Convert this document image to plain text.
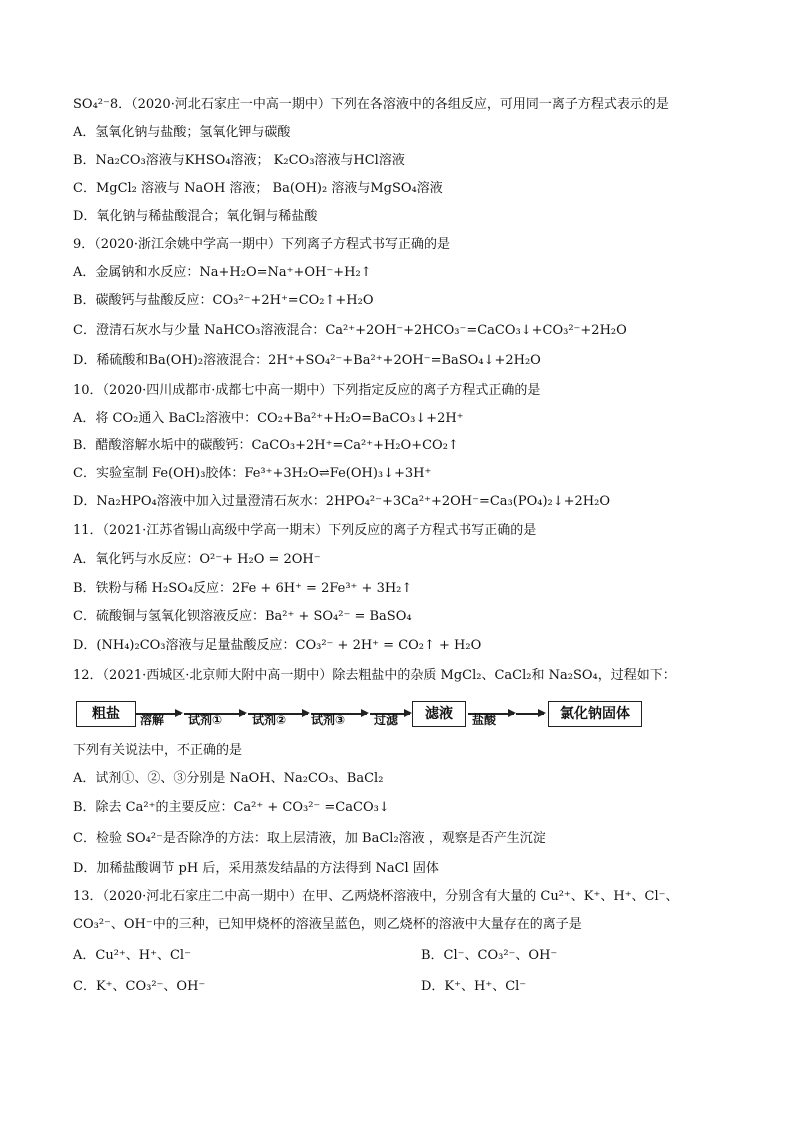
SO₄²⁻8．（2020·河北石家庄一中高一期中）下列在各溶液中的各组反应，可用同一离子方程式表示的是
A．氢氧化钠与盐酸；氢氧化钾与碳酸
B．Na₂CO₃溶液与KHSO₄溶液； K₂CO₃溶液与HCl溶液
C．MgCl₂ 溶液与 NaOH 溶液； Ba(OH)₂ 溶液与MgSO₄溶液
D．氧化钠与稀盐酸混合；氧化铜与稀盐酸
9．（2020·浙江余姚中学高一期中）下列离子方程式书写正确的是
A．金属钠和水反应：Na+H₂O=Na⁺+OH⁻+H₂↑
B．碳酸钙与盐酸反应：CO₃²⁻+2H⁺=CO₂↑+H₂O
C．澄清石灰水与少量 NaHCO₃溶液混合：Ca²⁺+2OH⁻+2HCO₃⁻=CaCO₃↓+CO₃²⁻+2H₂O
D．稀硫酸和Ba(OH)₂溶液混合：2H⁺+SO₄²⁻+Ba²⁺+2OH⁻=BaSO₄↓+2H₂O
10．（2020·四川成都市·成都七中高一期中）下列指定反应的离子方程式正确的是
A．将 CO₂通入 BaCl₂溶液中：CO₂+Ba²⁺+H₂O=BaCO₃↓+2H⁺
B．醋酸溶解水垢中的碳酸钙：CaCO₃+2H⁺=Ca²⁺+H₂O+CO₂↑
C．实验室制 Fe(OH)₃胶体：Fe³⁺+3H₂O⇌Fe(OH)₃↓+3H⁺
D．Na₂HPO₄溶液中加入过量澄清石灰水：2HPO₄²⁻+3Ca²⁺+2OH⁻=Ca₃(PO₄)₂↓+2H₂O
11．（2021·江苏省锡山高级中学高一期末）下列反应的离子方程式书写正确的是
A．氧化钙与水反应：O²⁻+ H₂O = 2OH⁻
B．铁粉与稀 H₂SO₄反应：2Fe + 6H⁺ = 2Fe³⁺ + 3H₂↑
C．硫酸铜与氢氧化钡溶液反应：Ba²⁺ + SO₄²⁻ = BaSO₄
D．(NH₄)₂CO₃溶液与足量盐酸反应：CO₃²⁻ + 2H⁺ = CO₂↑ + H₂O
12．（2021·西城区·北京师大附中高一期中）除去粗盐中的杂质 MgCl₂、CaCl₂和 Na₂SO₄，过程如下：
粗盐	溶解 试剂① 试剂② 试剂③ 过滤	滤液	盐酸	氯化钠固体
下列有关说法中，不正确的是
A．试剂①、②、③分别是 NaOH、Na₂CO₃、BaCl₂
B．除去 Ca²⁺的主要反应：Ca²⁺ + CO₃²⁻ =CaCO₃↓
C．检验 SO₄²⁻是否除净的方法：取上层清液，加 BaCl₂溶液 ，观察是否产生沉淀
D．加稀盐酸调节 pH 后，采用蒸发结晶的方法得到 NaCl 固体
13．（2020·河北石家庄二中高一期中）在甲、乙两烧杯溶液中，分别含有大量的 Cu²⁺、K⁺、H⁺、Cl⁻、
CO₃²⁻、OH⁻中的三种，已知甲烧杯的溶液呈蓝色，则乙烧杯的溶液中大量存在的离子是
A．Cu²⁺、H⁺、Cl⁻	B．Cl⁻、CO₃²⁻、OH⁻
C．K⁺、CO₃²⁻、OH⁻	D．K⁺、H⁺、Cl⁻
